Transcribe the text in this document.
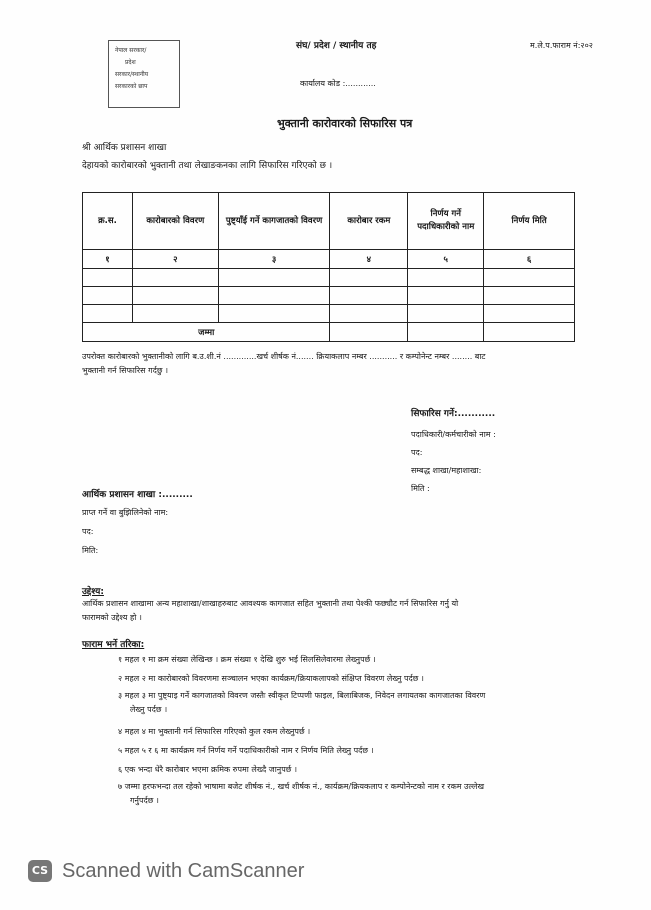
नेपाल सरकार/
प्रदेश
सरकार/स्थानीय
सरकारको छाप
संघ/ प्रदेश / स्थानीय तह	म.ले.प.फाराम नं:२०२
कार्यालय कोड :............
भुक्तानी कारोवारको सिफारिस पत्र
श्री आर्थिक प्रशासन शाखा
देहायको कारोबारको भुक्तानी तथा लेखाङकनका लागि सिफारिस गरिएको छ ।
क्र.स.	कारोबारको विवरण	पुष्ट्याँई गर्ने कागजातको विवरण	कारोबार रकम	निर्णय गर्ने पदाधिकारीको नाम	निर्णय मिति
१	२	३	४	५	६

जम्मा					
उपरोक्त कारोबारको भुक्तानीको लागि ब.उ.शी.नं .............खर्च शीर्षक नं....... क्रियाकलाप नम्बर ........... र कम्पोनेन्ट नम्बर ........ बाट
भुक्तानी गर्न सिफारिस गर्दछु ।
सिफारिस गर्ने:...........
पदाधिकारी/कर्मचारीको नाम :
पद:
सम्बद्ध शाखा/महाशाखा:
मिति :
आर्थिक प्रशासन शाखा :.........
प्राप्त गर्ने वा बुझिलिनेको नाम:
पद:
मिति:
उद्देश्य:
आर्थिक प्रशासन शाखामा अन्य महाशाखा/शाखाहरुबाट आवश्यक कागजात सहित भुक्तानी तथा पेश्की फछ्यौट गर्न सिफारिस गर्नु यो
फारामको उद्देश्य हो ।
फाराम भर्ने तरिका:
१ महल १ मा क्रम संख्या लेखिन्छ । क्रम संख्या १ देखि शुरु भई सिलसिलेवारमा लेख्नुपर्छ ।
२ महल २ मा कारोबारको विवरणमा सञ्चालन भएका कार्यक्रम/क्रियाकलापको संक्षिप्त विवरण लेख्नु पर्दछ ।
३ महल ३ मा पुष्ट्याइ गर्ने कागजातको विवरण जस्तैः स्वीकृत टिप्पणी फाइल, बिलाबिजक, निवेदन लगायतका कागजातका विवरण
लेख्नु पर्दछ ।
४ महल ४ मा भुक्तानी गर्न सिफारिस गरिएको कुल रकम लेख्नुपर्छ ।
५ महल ५ र ६ मा कार्यक्रम गर्न निर्णय गर्ने पदाधिकारीको नाम र निर्णय मिति लेख्नु पर्दछ ।
६ एक भन्दा धेरै कारोबार भएमा क्रमिक रुपमा लेख्दै जानुपर्छ ।
७ जम्मा हरफभन्दा तल रहेको भाषामा बजेट शीर्षक नं., खर्च शीर्षक नं., कार्यक्रम/क्रियकलाप र कम्पोनेन्टको नाम र रकम उल्लेख
गर्नुपर्दछ ।
CS Scanned with CamScanner
